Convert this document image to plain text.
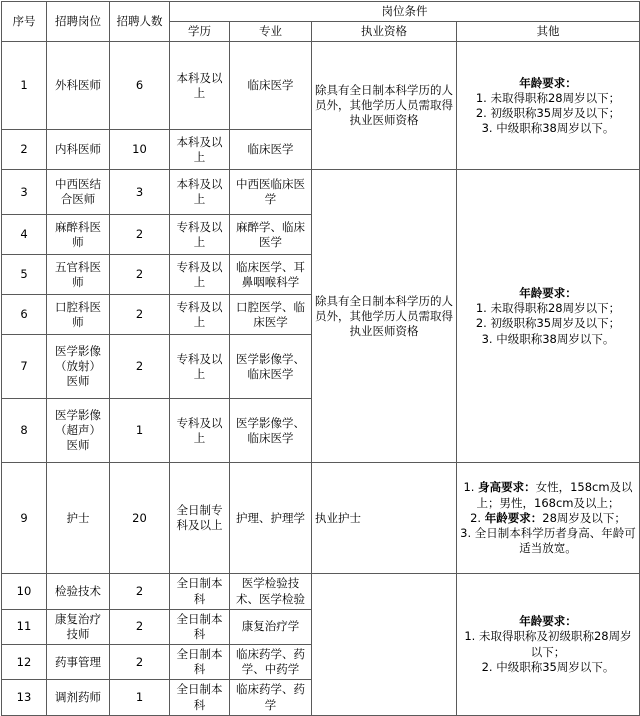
序号	招聘岗位	招聘人数	岗位条件			
			学历	专业	执业资格	其他
1	外科医师	6	本科及以上	临床医学	除具有全日制本科学历的人员外，其他学历人员需取得执业医师资格	年龄要求：
1. 未取得职称28周岁以下；
2. 初级职称35周岁及以下；
3. 中级职称38周岁以下。

2	内科医师	10	本科及以上	临床医学		
3	中西医结合医师	3	本科及以上	中西医临床医学	除具有全日制本科学历的人员外，其他学历人员需取得执业医师资格	年龄要求：
1. 未取得职称28周岁以下；
2. 初级职称35周岁及以下；
3. 中级职称38周岁以下。

4	麻醉科医师	2	专科及以上	麻醉学、临床医学		
5	五官科医师	2	专科及以上	临床医学、耳鼻咽喉科学		
6	口腔科医师	2	专科及以上	口腔医学、临床医学		
7	医学影像（放射）医师	2	专科及以上	医学影像学、临床医学		
8	医学影像（超声）医师	1	专科及以上	医学影像学、临床医学		
9	护士	20	全日制专科及以上	护理、护理学	执业护士	1. 身高要求：女性，158cm及以上；男性，168cm及以上；
2. 年龄要求：28周岁及以下；
3. 全日制本科学历者身高、年龄可适当放宽。

10	检验技术	2	全日制本科	医学检验技术、医学检验		年龄要求：
1. 未取得职称及初级职称28周岁以下；
2. 中级职称35周岁以下。

11	康复治疗技师	2	全日制本科	康复治疗学		
12	药事管理	2	全日制本科	临床药学、药学、中药学		
13	调剂药师	1	全日制本科	临床药学、药学		
